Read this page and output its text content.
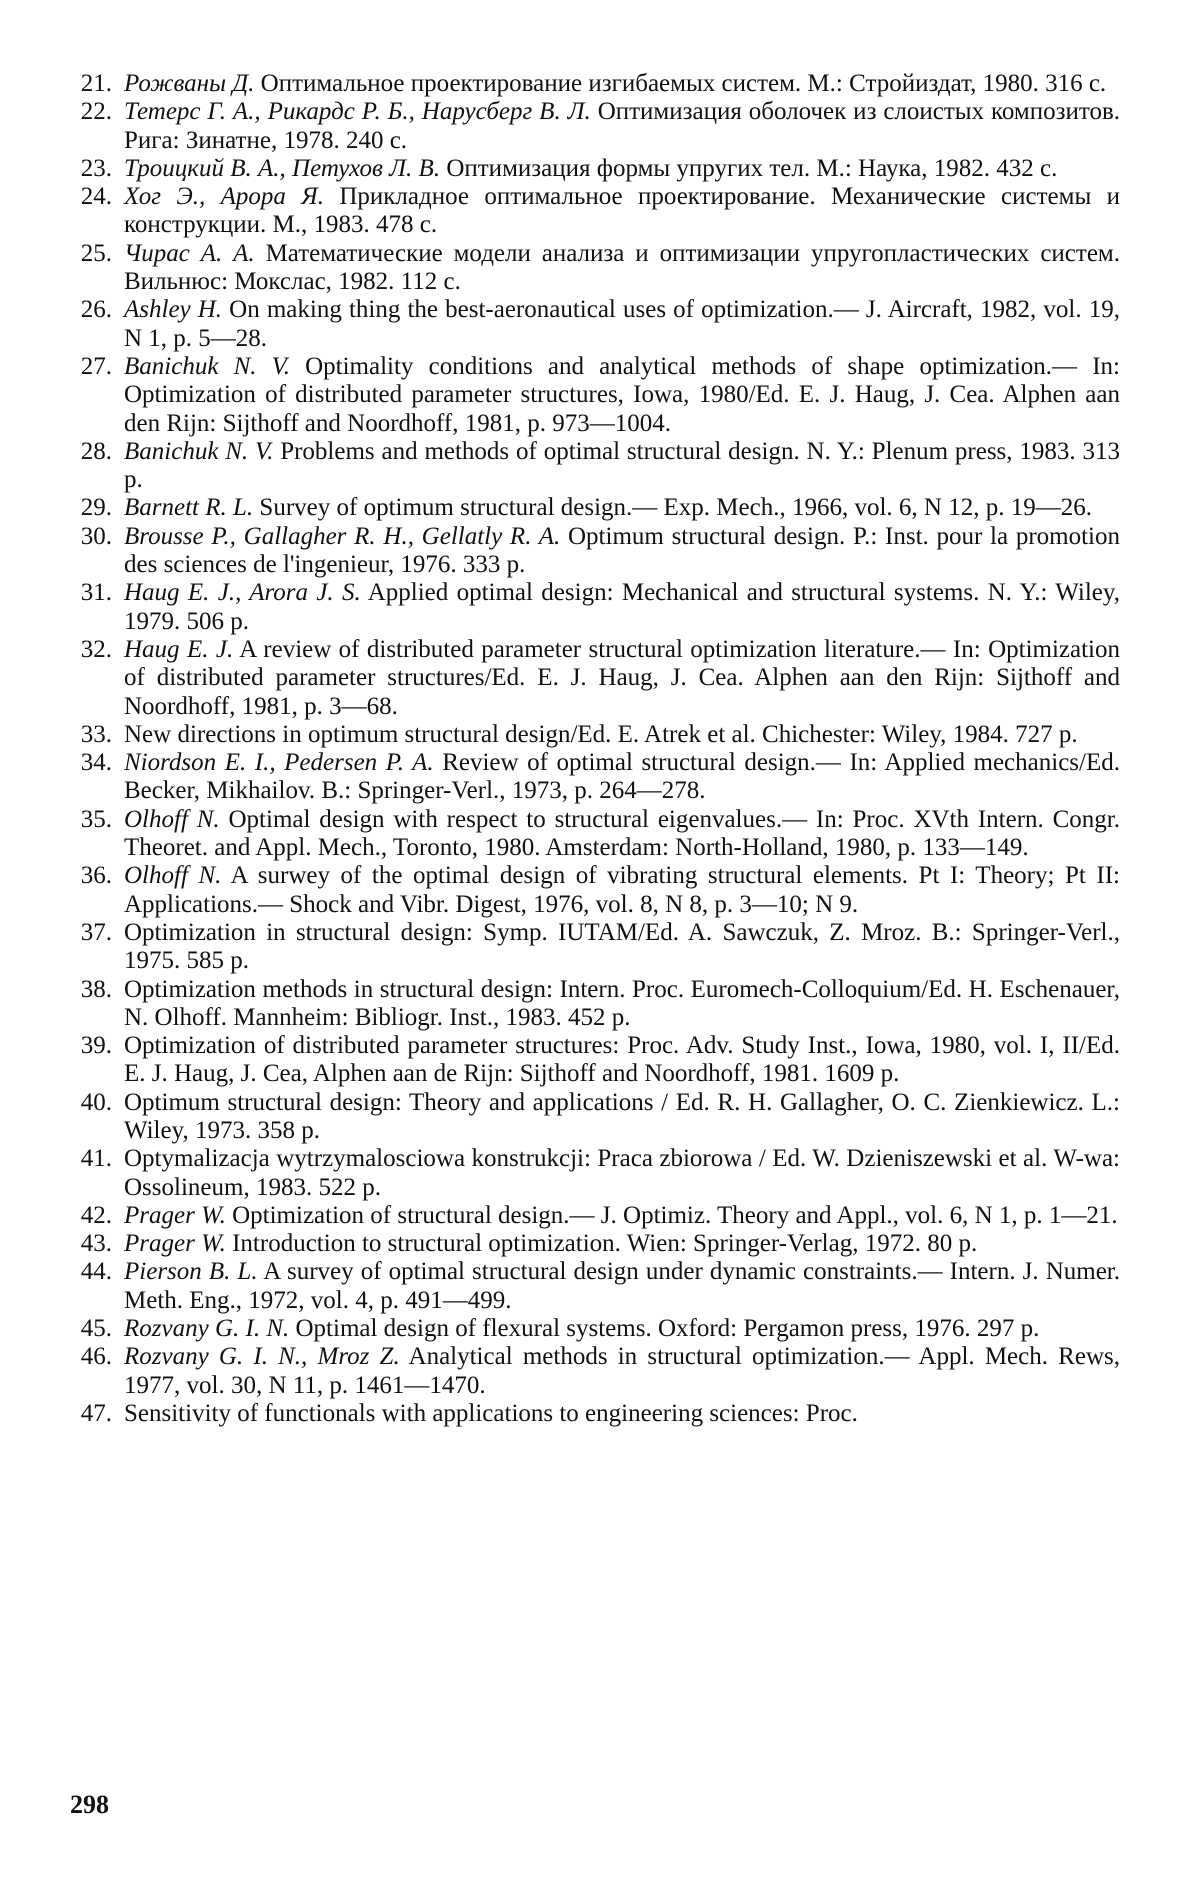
21. Рожваны Д. Оптимальное проектирование изгибаемых систем. М.: Стройиздат, 1980. 316 с.
22. Тетерс Г. А., Рикардс Р. Б., Нарусберг В. Л. Оптимизация оболочек из слоистых композитов. Рига: Зинатне, 1978. 240 с.
23. Троицкий В. А., Петухов Л. В. Оптимизация формы упругих тел. М.: Наука, 1982. 432 с.
24. Хог Э., Арора Я. Прикладное оптимальное проектирование. Механические системы и конструкции. М., 1983. 478 с.
25. Чирас А. А. Математические модели анализа и оптимизации упругопластических систем. Вильнюс: Мокслас, 1982. 112 с.
26. Ashley H. On making thing the best-aeronautical uses of optimization.— J. Aircraft, 1982, vol. 19, N 1, p. 5—28.
27. Banichuk N. V. Optimality conditions and analytical methods of shape optimization.— In: Optimization of distributed parameter structures, Iowa, 1980/Ed. E. J. Haug, J. Cea. Alphen aan den Rijn: Sijthoff and Noordhoff, 1981, p. 973—1004.
28. Banichuk N. V. Problems and methods of optimal structural design. N. Y.: Plenum press, 1983. 313 p.
29. Barnett R. L. Survey of optimum structural design.— Exp. Mech., 1966, vol. 6, N 12, p. 19—26.
30. Brousse P., Gallagher R. H., Gellatly R. A. Optimum structural design. P.: Inst. pour la promotion des sciences de l'ingenieur, 1976. 333 p.
31. Haug E. J., Arora J. S. Applied optimal design: Mechanical and structural systems. N. Y.: Wiley, 1979. 506 p.
32. Haug E. J. A review of distributed parameter structural optimization literature.— In: Optimization of distributed parameter structures/Ed. E. J. Haug, J. Cea. Alphen aan den Rijn: Sijthoff and Noordhoff, 1981, p. 3—68.
33. New directions in optimum structural design/Ed. E. Atrek et al. Chichester: Wiley, 1984. 727 p.
34. Niordson E. I., Pedersen P. A. Review of optimal structural design.— In: Applied mechanics/Ed. Becker, Mikhailov. B.: Springer-Verl., 1973, p. 264—278.
35. Olhoff N. Optimal design with respect to structural eigenvalues.— In: Proc. XVth Intern. Congr. Theoret. and Appl. Mech., Toronto, 1980. Amsterdam: North-Holland, 1980, p. 133—149.
36. Olhoff N. A surwey of the optimal design of vibrating structural elements. Pt I: Theory; Pt II: Applications.— Shock and Vibr. Digest, 1976, vol. 8, N 8, p. 3—10; N 9.
37. Optimization in structural design: Symp. IUTAM/Ed. A. Sawczuk, Z. Mroz. B.: Springer-Verl., 1975. 585 p.
38. Optimization methods in structural design: Intern. Proc. Euromech-Colloquium/Ed. H. Eschenauer, N. Olhoff. Mannheim: Bibliogr. Inst., 1983. 452 p.
39. Optimization of distributed parameter structures: Proc. Adv. Study Inst., Iowa, 1980, vol. I, II/Ed. E. J. Haug, J. Cea, Alphen aan de Rijn: Sijthoff and Noordhoff, 1981. 1609 p.
40. Optimum structural design: Theory and applications / Ed. R. H. Gallagher, O. C. Zienkiewicz. L.: Wiley, 1973. 358 p.
41. Optymalizacja wytrzymalosciowa konstrukcji: Praca zbiorowa / Ed. W. Dzieniszewski et al. W-wa: Ossolineum, 1983. 522 p.
42. Prager W. Optimization of structural design.— J. Optimiz. Theory and Appl., vol. 6, N 1, p. 1—21.
43. Prager W. Introduction to structural optimization. Wien: Springer-Verlag, 1972. 80 p.
44. Pierson B. L. A survey of optimal structural design under dynamic constraints.— Intern. J. Numer. Meth. Eng., 1972, vol. 4, p. 491—499.
45. Rozvany G. I. N. Optimal design of flexural systems. Oxford: Pergamon press, 1976. 297 p.
46. Rozvany G. I. N., Mroz Z. Analytical methods in structural optimization.— Appl. Mech. Rews, 1977, vol. 30, N 11, p. 1461—1470.
47. Sensitivity of functionals with applications to engineering sciences: Proc.
298
